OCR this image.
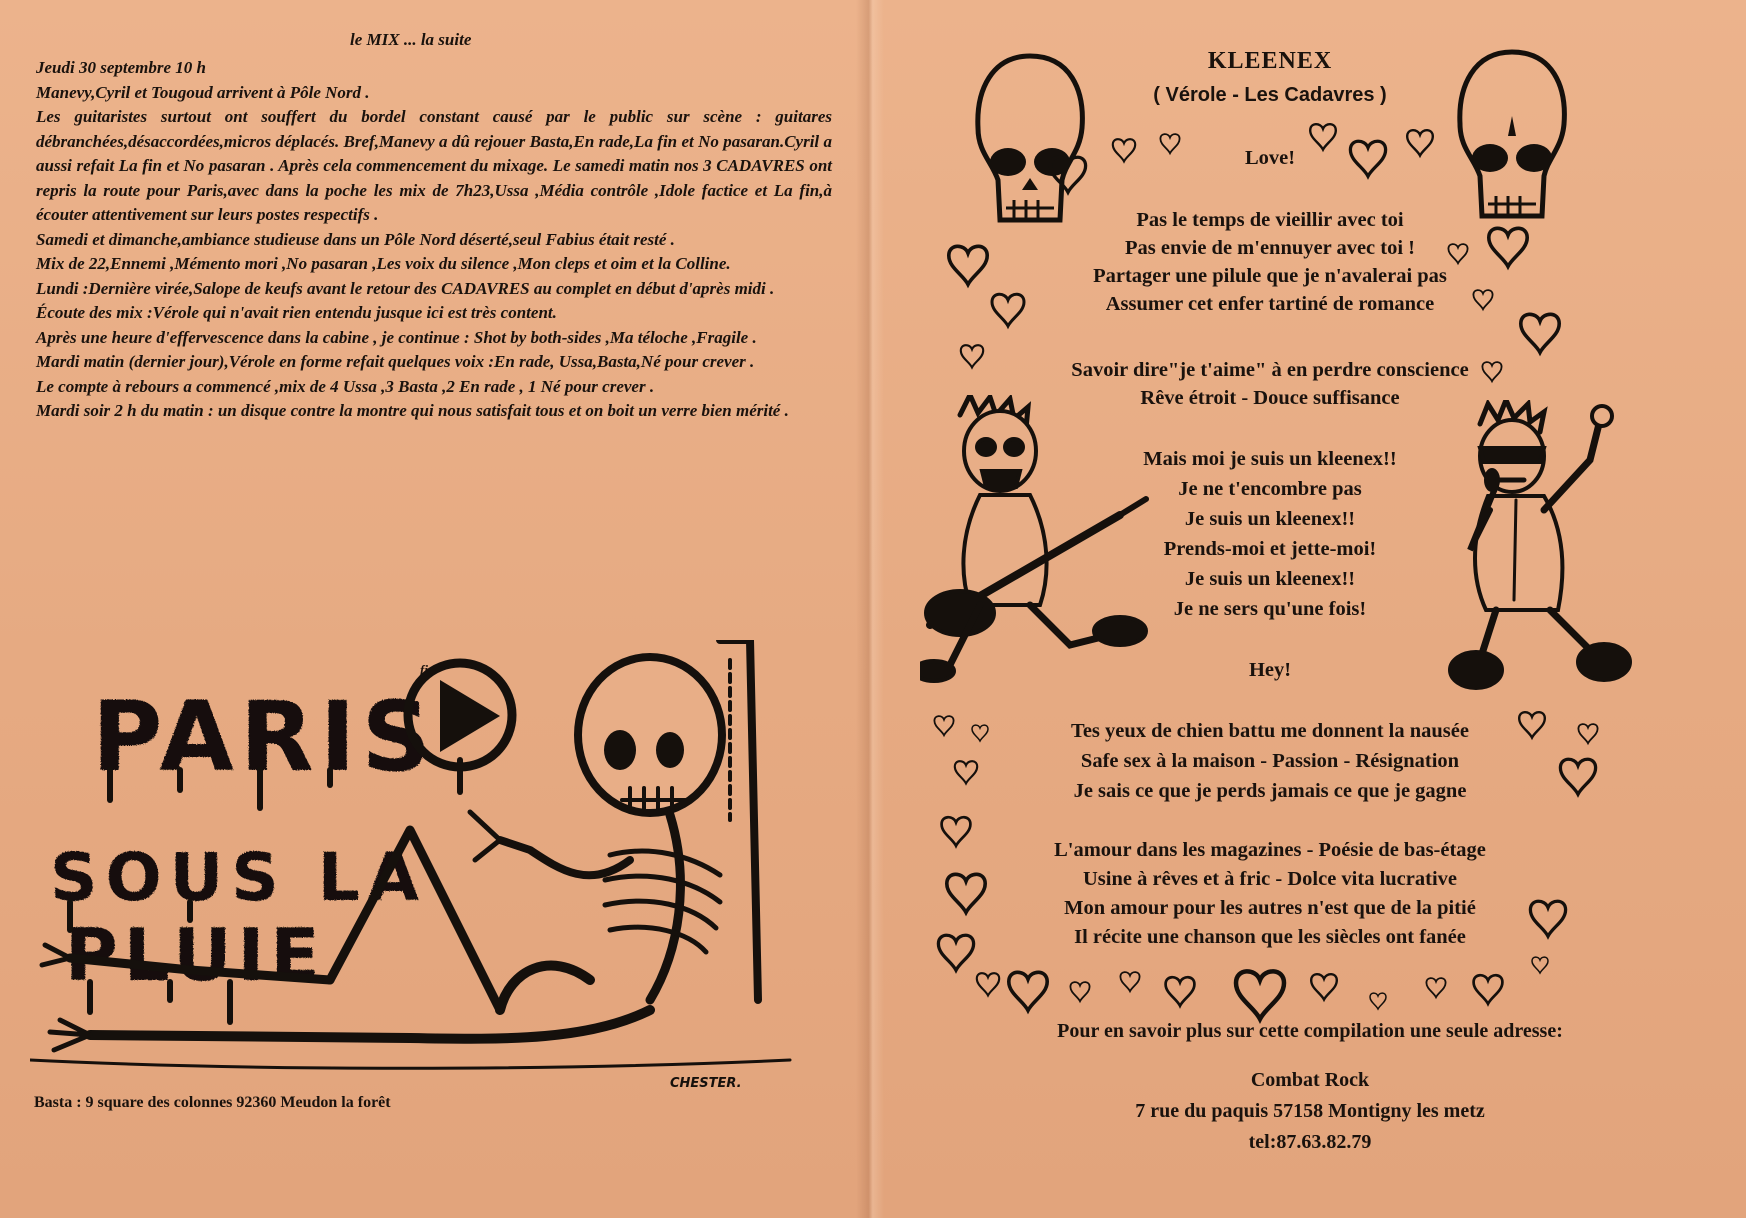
le MIX ... la suite

Jeudi 30 septembre 10 h

Manevy,Cyril et Tougoud arrivent à Pôle Nord .

Les guitaristes surtout ont souffert du bordel constant causé par le public sur scène : guitares débranchées,désaccordées,micros déplacés. Bref,Manevy a dû rejouer Basta,En rade,La fin et No pasaran.Cyril a aussi refait La fin et No pasaran . Après cela commencement du mixage. Le samedi matin nos 3 CADAVRES ont repris la route pour Paris,avec dans la poche les mix de 7h23,Ussa ,Média contrôle ,Idole factice et La fin,à écouter attentivement sur leurs postes respectifs .

Samedi et dimanche,ambiance studieuse dans un Pôle Nord déserté,seul Fabius était resté .

Mix de 22,Ennemi ,Mémento mori ,No pasaran ,Les voix du silence ,Mon cleps et oim et la Colline.

Lundi :Dernière virée,Salope de keufs avant le retour des CADAVRES au complet en début d'après midi .

Écoute des mix :Vérole qui n'avait rien entendu jusque ici est très content.

Après une heure d'effervescence dans la cabine , je continue : Shot by both-sides ,Ma téloche ,Fragile .

Mardi matin (dernier jour),Vérole en forme refait quelques voix :En rade, Ussa,Basta,Né pour crever .

Le compte à rebours a commencé ,mix de 4 Ussa ,3 Basta ,2 En rade , 1 Né pour crever .

Mardi soir 2 h du matin : un disque contre la montre qui nous satisfait tous et on boit un verre bien mérité .

fin
PARIS
SOUS LA
PLUIE
CHESTER.
Basta : 9 square des colonnes 92360 Meudon la forêt
KLEENEX
( Vérole - Les Cadavres )
Love!
Pas le temps de vieillir avec toi
Pas envie de m'ennuyer avec toi !
Partager une pilule que je n'avalerai pas
Assumer cet enfer tartiné de romance
Savoir dire"je t'aime" à en perdre conscience
Rêve étroit - Douce suffisance
Mais moi je suis un kleenex!!
Je ne t'encombre pas
Je suis un kleenex!!
Prends-moi et jette-moi!
Je suis un kleenex!!
Je ne sers qu'une fois!
Hey!
Tes yeux de chien battu me donnent la nausée
Safe sex à la maison - Passion - Résignation
Je sais ce que je perds jamais ce que je gagne
L'amour dans les magazines - Poésie de bas-étage
Usine à rêves et à fric - Dolce vita lucrative
Mon amour pour les autres n'est que de la pitié
Il récite une chanson que les siècles ont fanée
Pour en savoir plus sur cette compilation une seule adresse:
Combat Rock
7 rue du paquis 57158 Montigny les metz
tel:87.63.82.79
